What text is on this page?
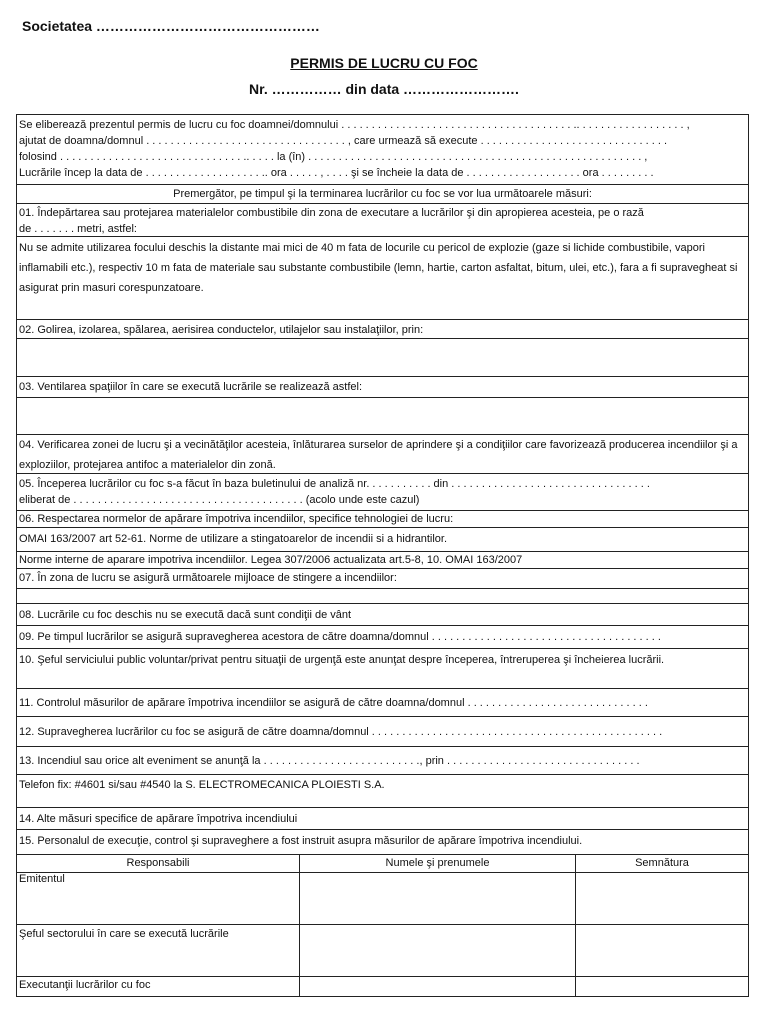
Societatea …………………………………………
PERMIS DE LUCRU CU FOC
Nr. …………… din data …………………….
Se eliberează prezentul permis de lucru cu foc doamnei/domnului . . . . . . . . . . . . . . . . . . . . . . . . . . . . . . . . . . . . . . .. . . . . . . . . . . . . . . . . . ,
ajutat de doamna/domnul . . . . . . . . . . . . . . . . . . . . . . . . . . . . . . . . . , care urmează să execute . . . . . . . . . . . . . . . . . . . . . . . . . . . . . . .
folosind . . . . . . . . . . . . . . . . . . . . . . . . . . . . . . .. . . . . la (în) . . . . . . . . . . . . . . . . . . . . . . . . . . . . . . . . . . . . . . . . . . . . . . . . . . . . . . . ,
Lucrările încep la data de . . . . . . . . . . . . . . . . . . . .. ora . . . . . , . . . . şi se încheie la data de . . . . . . . . . . . . . . . . . . . ora . . . . . . . . .
Premergător, pe timpul şi la terminarea lucrărilor cu foc se vor lua următoarele măsuri:
01. Îndepărtarea sau protejarea materialelor combustibile din zona de executare a lucrărilor şi din apropierea acesteia, pe o rază
de . . . . . . . metri, astfel:
Nu se admite utilizarea focului deschis la distante mai mici de 40 m fata de locurile cu pericol de explozie (gaze si lichide combustibile, vapori inflamabili etc.), respectiv 10 m fata de materiale sau substante combustibile (lemn, hartie, carton asfaltat, bitum, ulei, etc.), fara a fi supravegheat si asigurat prin masuri corespunzatoare.
02. Golirea, izolarea, spălarea, aerisirea conductelor, utilajelor sau instalaţiilor, prin:
03. Ventilarea spaţiilor în care se execută lucrările se realizează astfel:
04. Verificarea zonei de lucru şi a vecinătăţilor acesteia, înlăturarea surselor de aprindere şi a condiţiilor care favorizează producerea incendiilor şi a exploziilor, protejarea antifoc a materialelor din zonă.
05. Începerea lucrărilor cu foc s-a făcut în baza buletinului de analiză nr. . . . . . . . . . . din . . . . . . . . . . . . . . . . . . . . . . . . . . . . . . . . .
eliberat de . . . . . . . . . . . . . . . . . . . . . . . . . . . . . . . . . . . . . . (acolo unde este cazul)
06. Respectarea normelor de apărare împotriva incendiilor, specifice tehnologiei de lucru:
OMAI 163/2007 art 52-61. Norme de utilizare a stingatoarelor de incendii si a hidrantilor.
Norme interne de aparare impotriva incendiilor. Legea 307/2006 actualizata art.5-8, 10. OMAI 163/2007
07. În zona de lucru se asigură următoarele mijloace de stingere a incendiilor:
08. Lucrările cu foc deschis nu se execută dacă sunt condiţii de vânt
09. Pe timpul lucrărilor se asigură supravegherea acestora de către doamna/domnul . . . . . . . . . . . . . . . . . . . . . . . . . . . . . . . . . . . . . .
10. Şeful serviciului public voluntar/privat pentru situaţii de urgenţă este anunţat despre începerea, întreruperea şi încheierea lucrării.
11. Controlul măsurilor de apărare împotriva incendiilor se asigură de către doamna/domnul . . . . . . . . . . . . . . . . . . . . . . . . . . . . . .
12. Supravegherea lucrărilor cu foc se asigură de către doamna/domnul . . . . . . . . . . . . . . . . . . . . . . . . . . . . . . . . . . . . . . . . . . . . . . . .
13. Incendiul sau orice alt eveniment se anunţă la . . . . . . . . . . . . . . . . . . . . . . . . . ., prin . . . . . . . . . . . . . . . . . . . . . . . . . . . . . . . .
Telefon fix: #4601 si/sau #4540 la S. ELECTROMECANICA PLOIESTI S.A.
14. Alte măsuri specifice de apărare împotriva incendiului
15. Personalul de execuţie, control şi supraveghere a fost instruit asupra măsurilor de apărare împotriva incendiului.
Responsabili	Numele şi prenumele	Semnătura
Emitentul
Şeful sectorului în care se execută lucrările
Executanţii lucrărilor cu foc
